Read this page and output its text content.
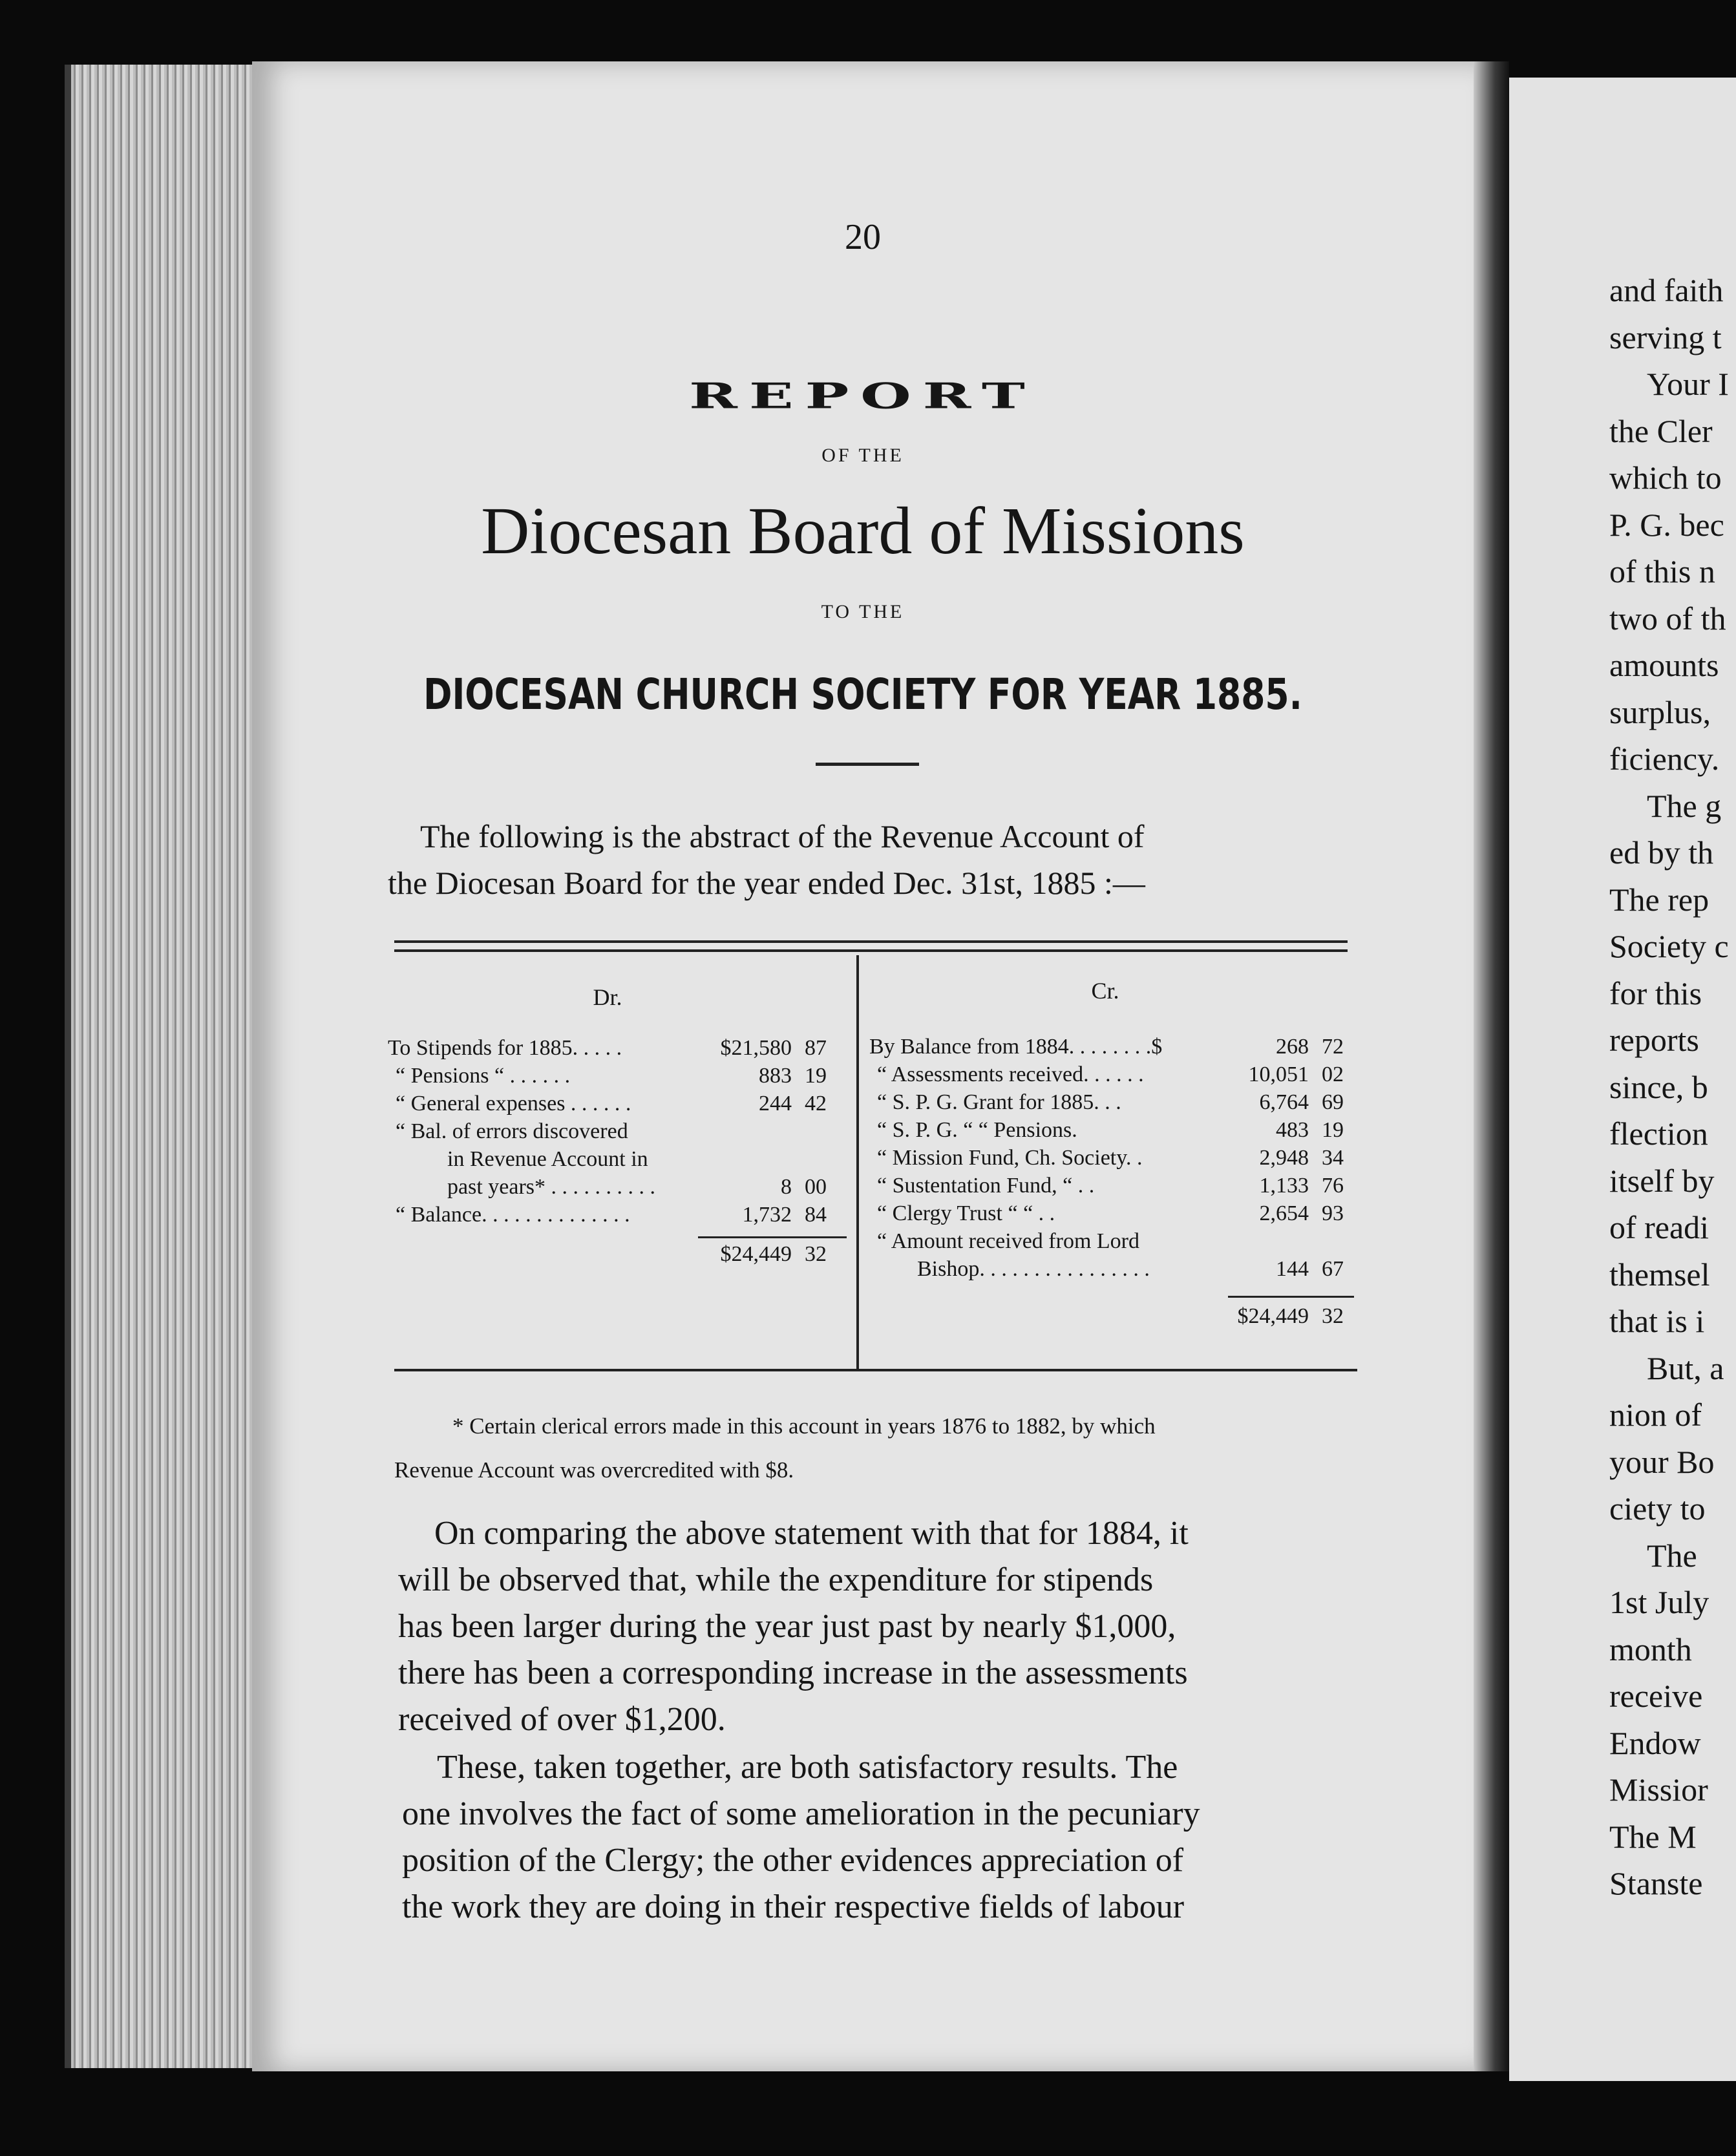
20
REPORT
OF THE
Diocesan Board of Missions
TO THE
DIOCESAN CHURCH SOCIETY FOR YEAR 1885.
The following is the abstract of the Revenue Account of
the Diocesan Board for the year ended Dec. 31st, 1885 :—
Dr.	Cr.
To Stipends for 1885. . . . .	$21,580 87
“ Pensions “ . . . . . .	883 19
“ General expenses . . . . . .	244 42
“ Bal. of errors discovered
in Revenue Account in
past years* . . . . . . . . . .	8 00
“ Balance. . . . . . . . . . . . . .	1,732 84
$24,449 32
By Balance from 1884. . . . . . . .$	268 72
“ Assessments received. . . . . .	10,051 02
“ S. P. G. Grant for 1885. . .	6,764 69
“ S. P. G. “ “ Pensions.	483 19
“ Mission Fund, Ch. Society. .	2,948 34
“ Sustentation Fund, “ . .	1,133 76
“ Clergy Trust “ “ . .	2,654 93
“ Amount received from Lord
Bishop. . . . . . . . . . . . . . . .	144 67
$24,449 32
* Certain clerical errors made in this account in years 1876 to 1882, by which
Revenue Account was overcredited with $8.
On comparing the above statement with that for 1884, it
will be observed that, while the expenditure for stipends
has been larger during the year just past by nearly $1,000,
there has been a corresponding increase in the assessments
received of over $1,200.
These, taken together, are both satisfactory results. The
one involves the fact of some amelioration in the pecuniary
position of the Clergy; the other evidences appreciation of
the work they are doing in their respective fields of labour
and faith
serving t
Your I
the Cler
which to
P. G. bec
of this n
two of th
amounts
surplus,
ficiency.
The g
ed by th
The rep
Society c
for this
reports
since, b
flection
itself by
of readi
themsel
that is i
But, a
nion of
your Bo
ciety to
The
1st July
month
receive
Endow
Missior
The M
Stanste
